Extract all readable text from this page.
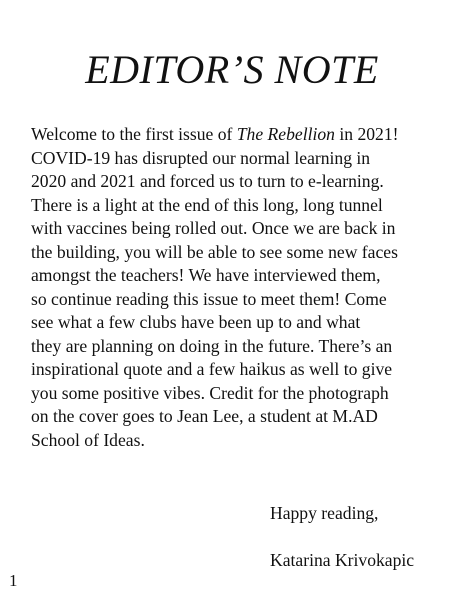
EDITOR’S NOTE

Welcome to the first issue of The Rebellion in 2021!
COVID-19 has disrupted our normal learning in
2020 and 2021 and forced us to turn to e-learning.
There is a light at the end of this long, long tunnel
with vaccines being rolled out. Once we are back in
the building, you will be able to see some new faces
amongst the teachers! We have interviewed them,
so continue reading this issue to meet them! Come
see what a few clubs have been up to and what
they are planning on doing in the future. There’s an
inspirational quote and a few haikus as well to give
you some positive vibes. Credit for the photograph
on the cover goes to Jean Lee, a student at M.AD
School of Ideas.

Happy reading,
Katarina Krivokapic
1
